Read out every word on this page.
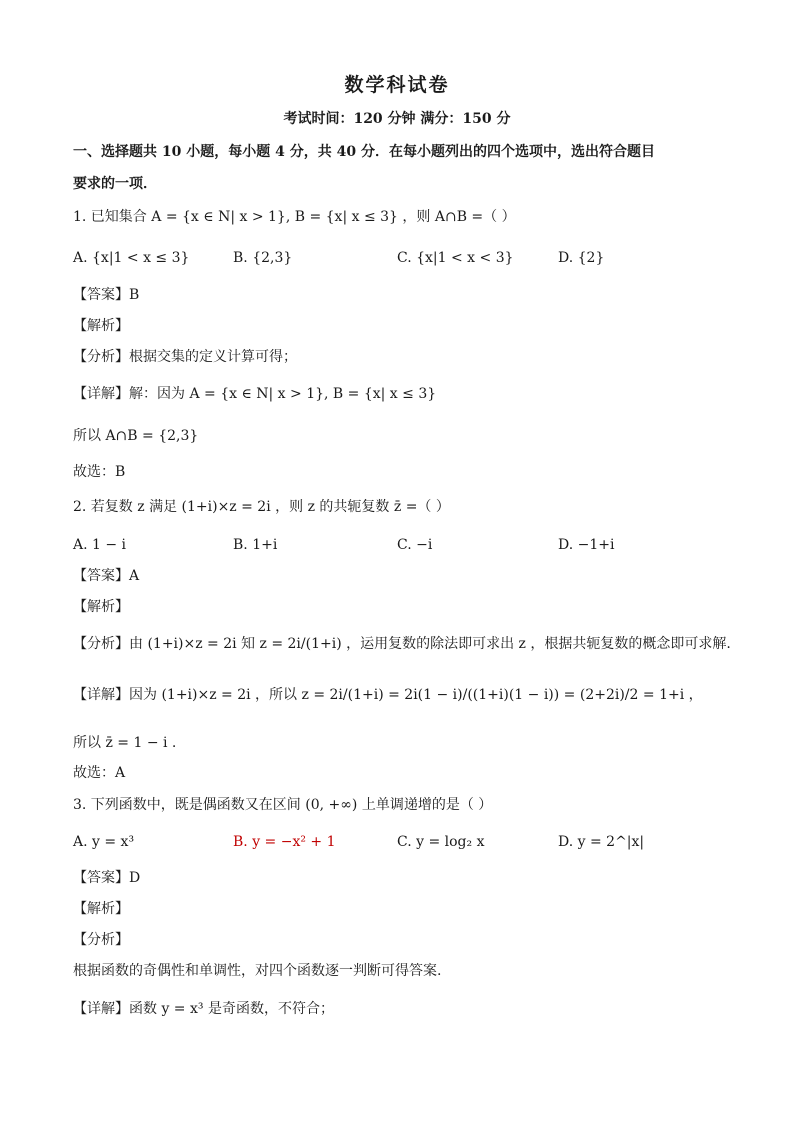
数学科试卷
考试时间：120 分钟 满分：150 分
一、选择题共 10 小题，每小题 4 分，共 40 分．在每小题列出的四个选项中，选出符合题目
要求的一项．
1. 已知集合 A = {x ∈ N| x > 1}, B = {x| x ≤ 3} ，则 A∩B =（ ）
A. {x|1 < x ≤ 3}	B. {2,3}	C. {x|1 < x < 3}	D. {2}
【答案】B
【解析】
【分析】根据交集的定义计算可得；
【详解】解：因为 A = {x ∈ N| x > 1}, B = {x| x ≤ 3}
所以 A∩B = {2,3}
故选：B
2. 若复数 z 满足 (1+i)×z = 2i ，则 z 的共轭复数 z̄ =（ ）
A. 1 − i	B. 1+i	C. −i	D. −1+i
【答案】A
【解析】
【分析】由 (1+i)×z = 2i 知 z = 2i/(1+i) ，运用复数的除法即可求出 z ，根据共轭复数的概念即可求解.
【详解】因为 (1+i)×z = 2i ，所以 z = 2i/(1+i) = 2i(1 − i)/((1+i)(1 − i)) = (2+2i)/2 = 1+i ，
所以 z̄ = 1 − i .
故选：A
3. 下列函数中，既是偶函数又在区间 (0, +∞) 上单调递增的是（ ）
A. y = x³	B. y = −x² + 1	C. y = log₂ x	D. y = 2^|x|
【答案】D
【解析】
【分析】
根据函数的奇偶性和单调性，对四个函数逐一判断可得答案.
【详解】函数 y = x³ 是奇函数，不符合；
